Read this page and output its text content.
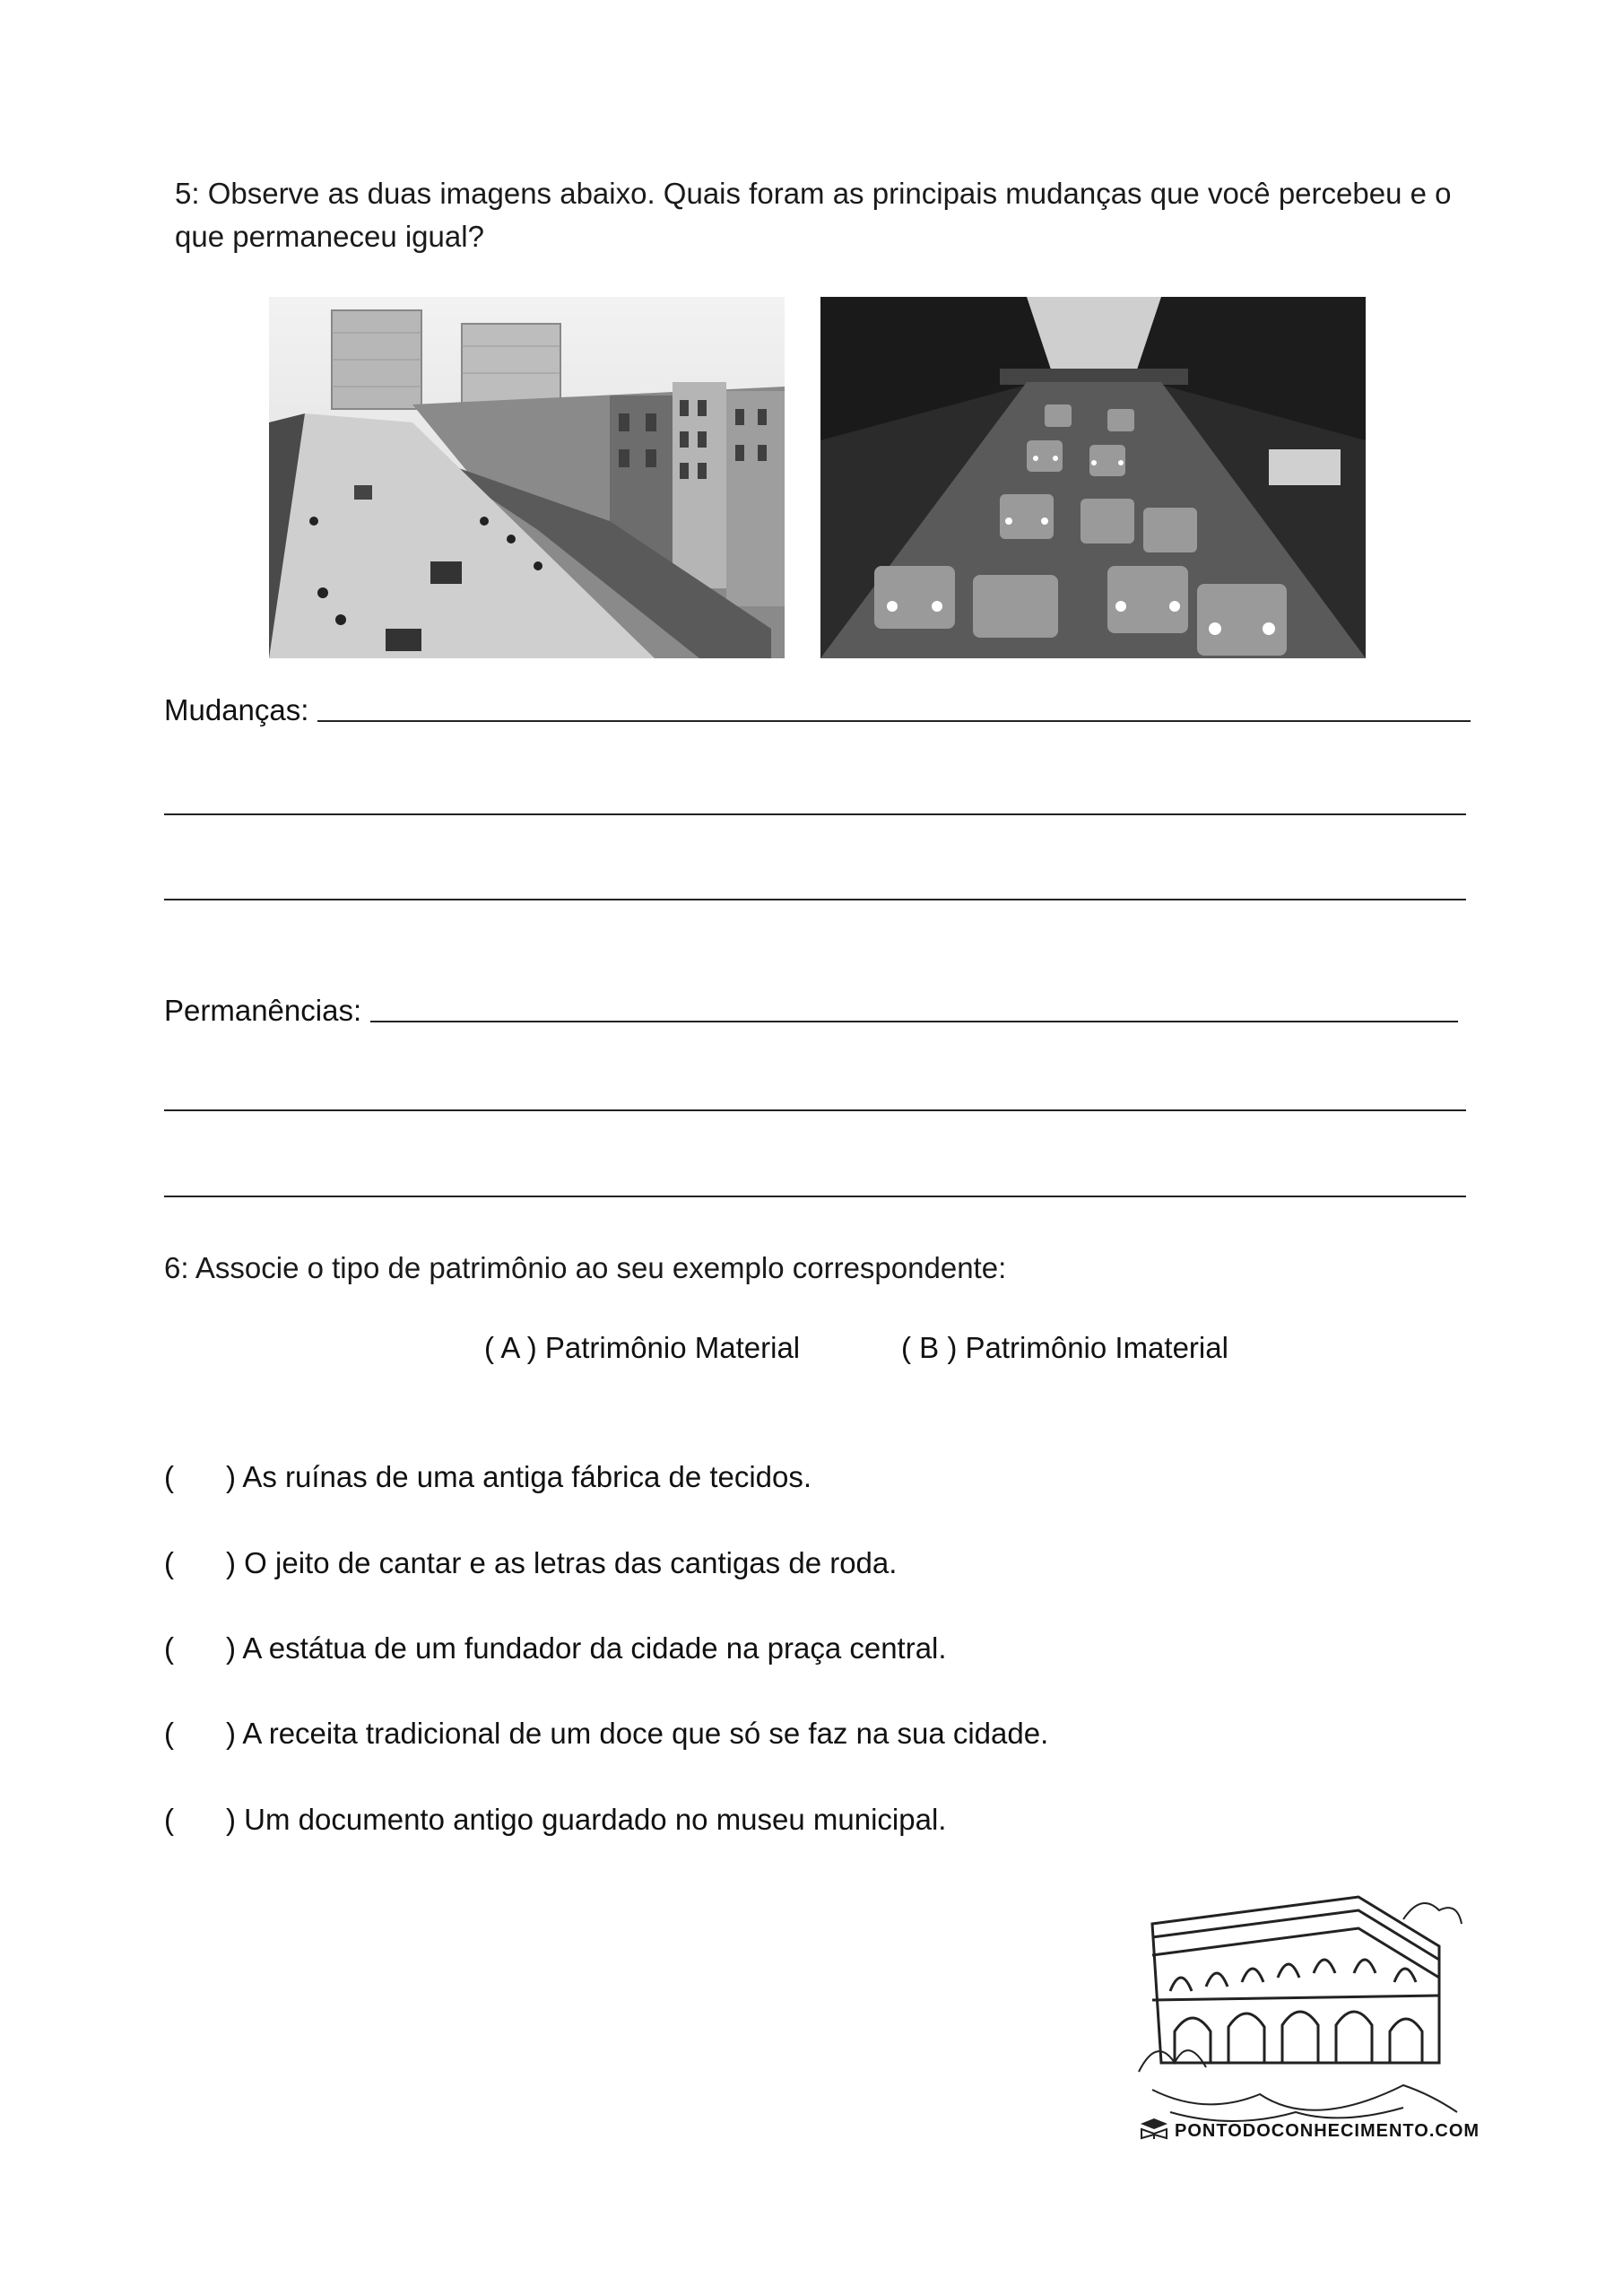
5: Observe as duas imagens abaixo. Quais foram as principais mudanças que você percebeu e o que permaneceu igual?
Mudanças:
Permanências:
6: Associe o tipo de patrimônio ao seu exemplo correspondente:
( A ) Patrimônio Material	( B ) Patrimônio Imaterial
( ) As ruínas de uma antiga fábrica de tecidos.
( ) O jeito de cantar e as letras das cantigas de roda.
( ) A estátua de um fundador da cidade na praça central.
( ) A receita tradicional de um doce que só se faz na sua cidade.
( ) Um documento antigo guardado no museu municipal.
PONTODOCONHECIMENTO.COM
